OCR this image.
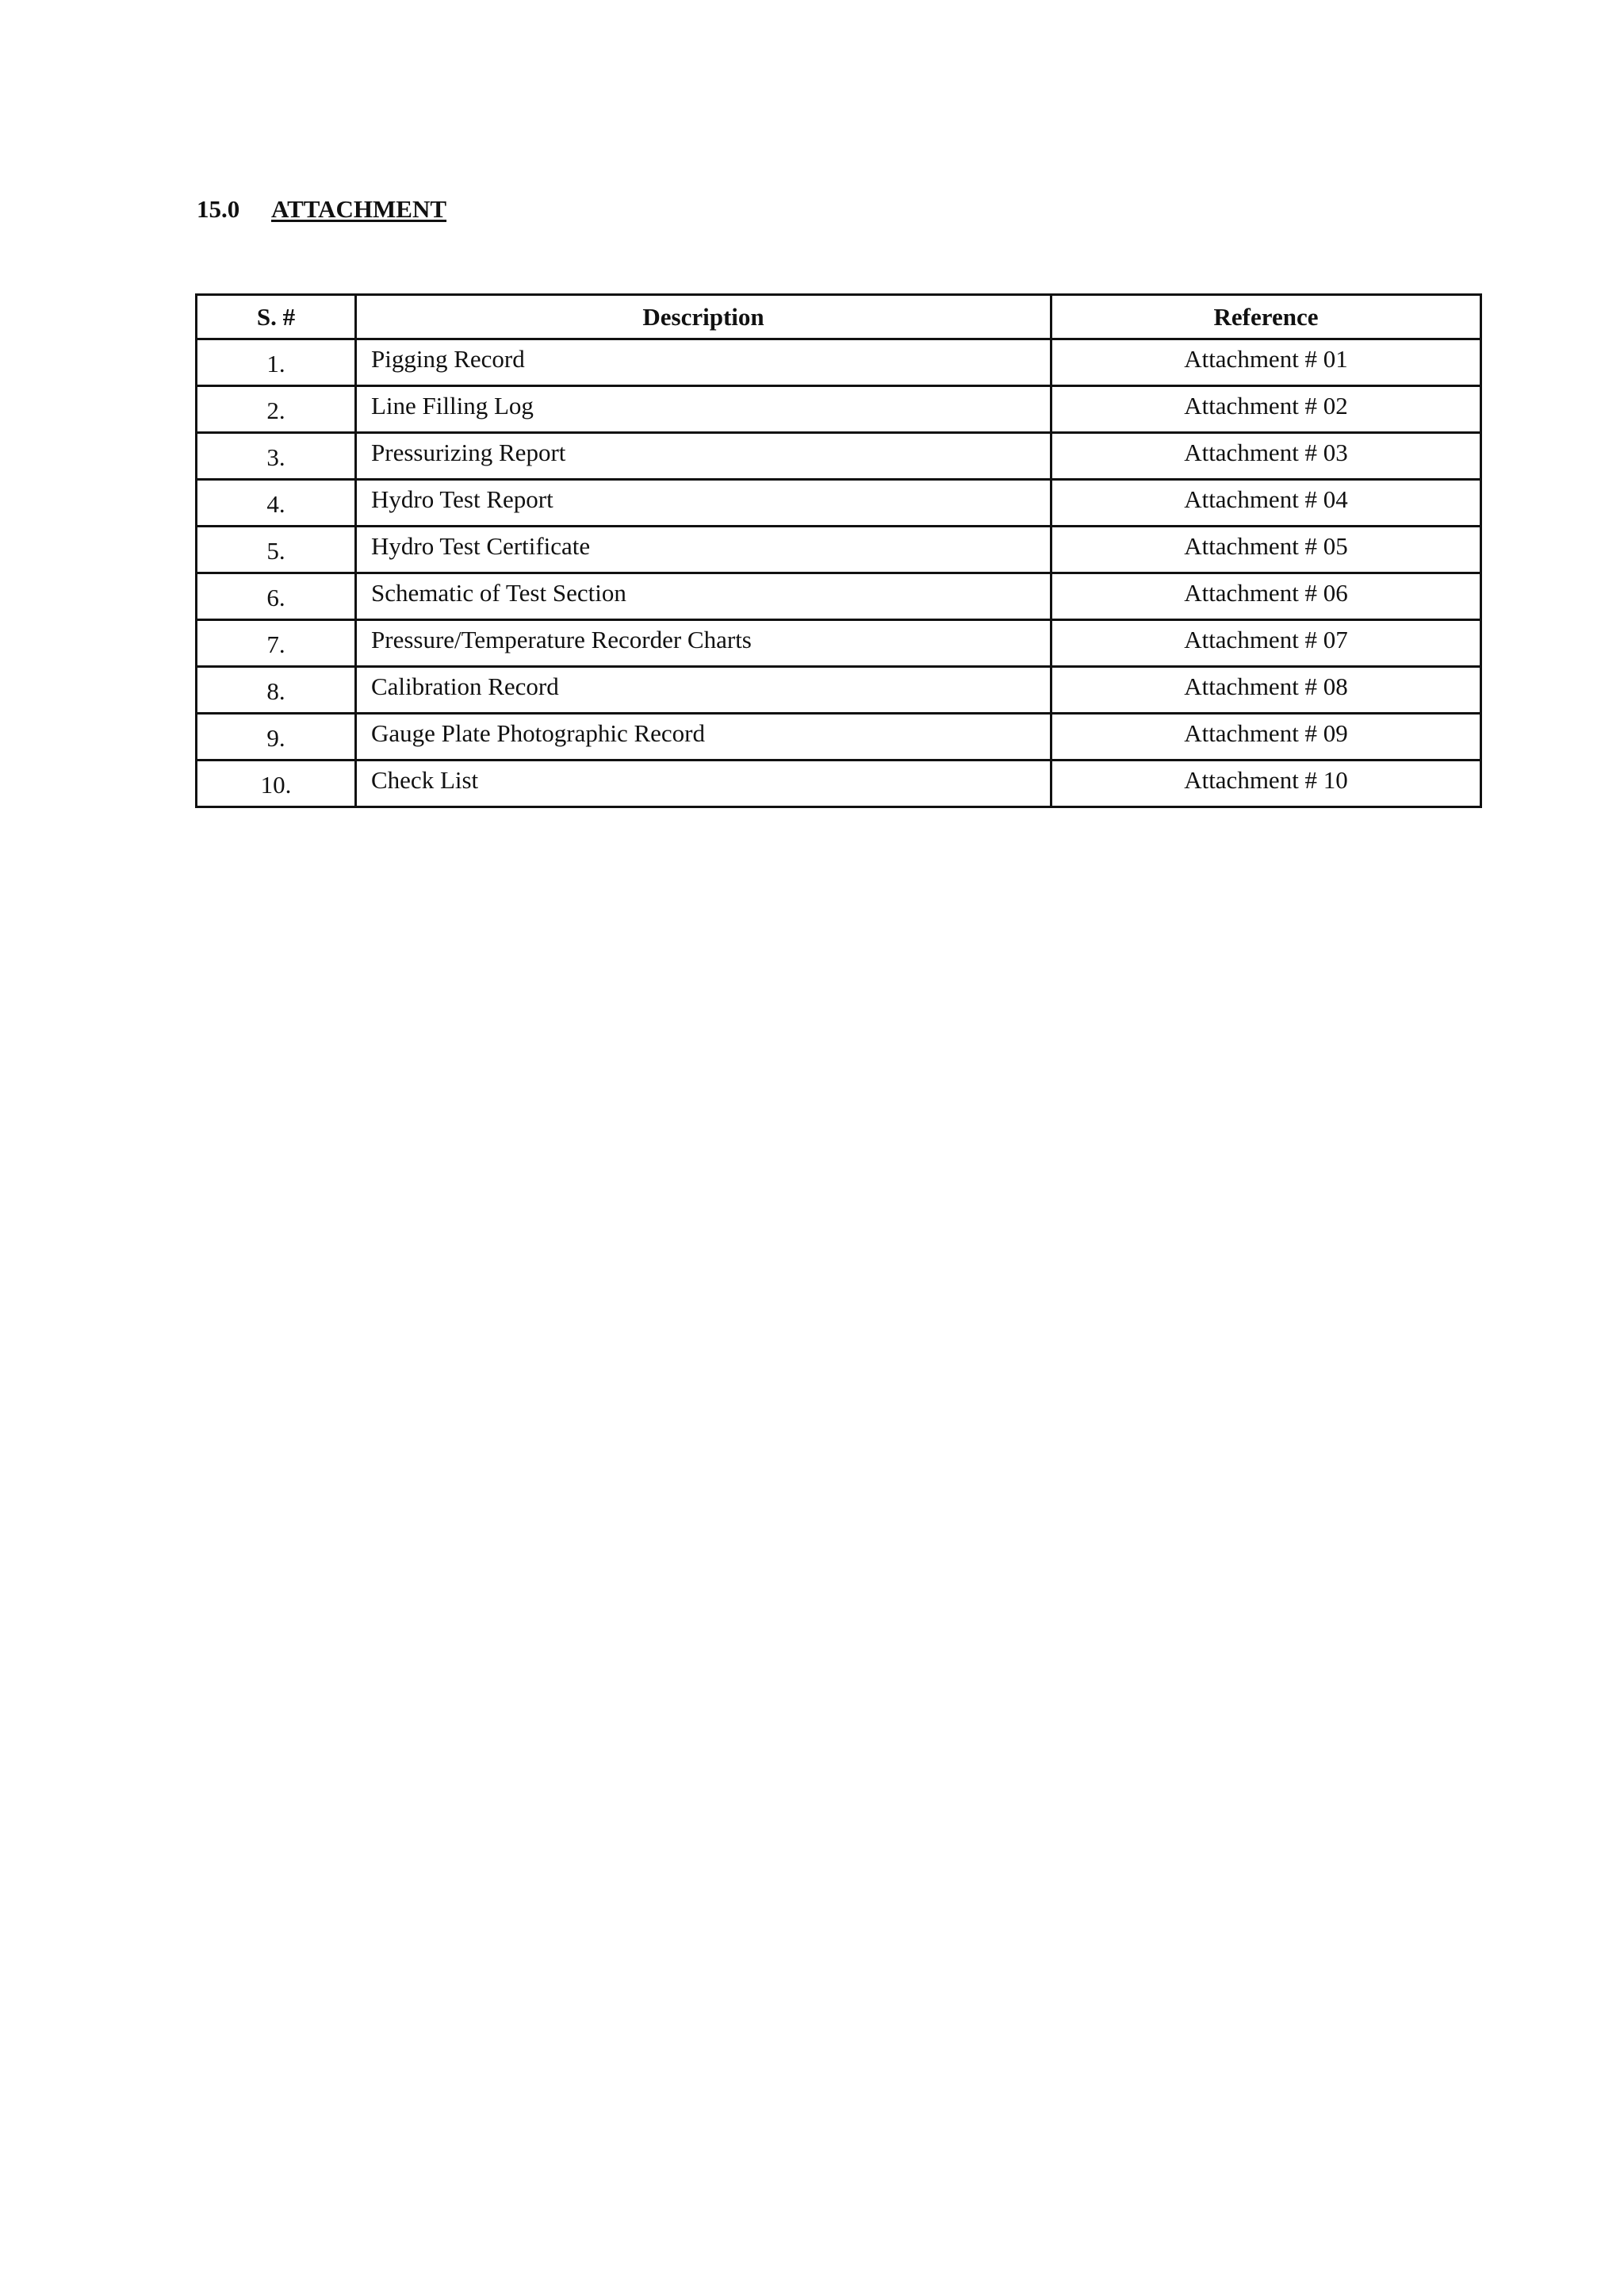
15.0 ATTACHMENT
S. #	Description	Reference
1.	Pigging Record	Attachment # 01
2.	Line Filling Log	Attachment # 02
3.	Pressurizing Report	Attachment # 03
4.	Hydro Test Report	Attachment # 04
5.	Hydro Test Certificate	Attachment # 05
6.	Schematic of Test Section	Attachment # 06
7.	Pressure/Temperature Recorder Charts	Attachment # 07
8.	Calibration Record	Attachment # 08
9.	Gauge Plate Photographic Record	Attachment # 09
10.	Check List	Attachment # 10
